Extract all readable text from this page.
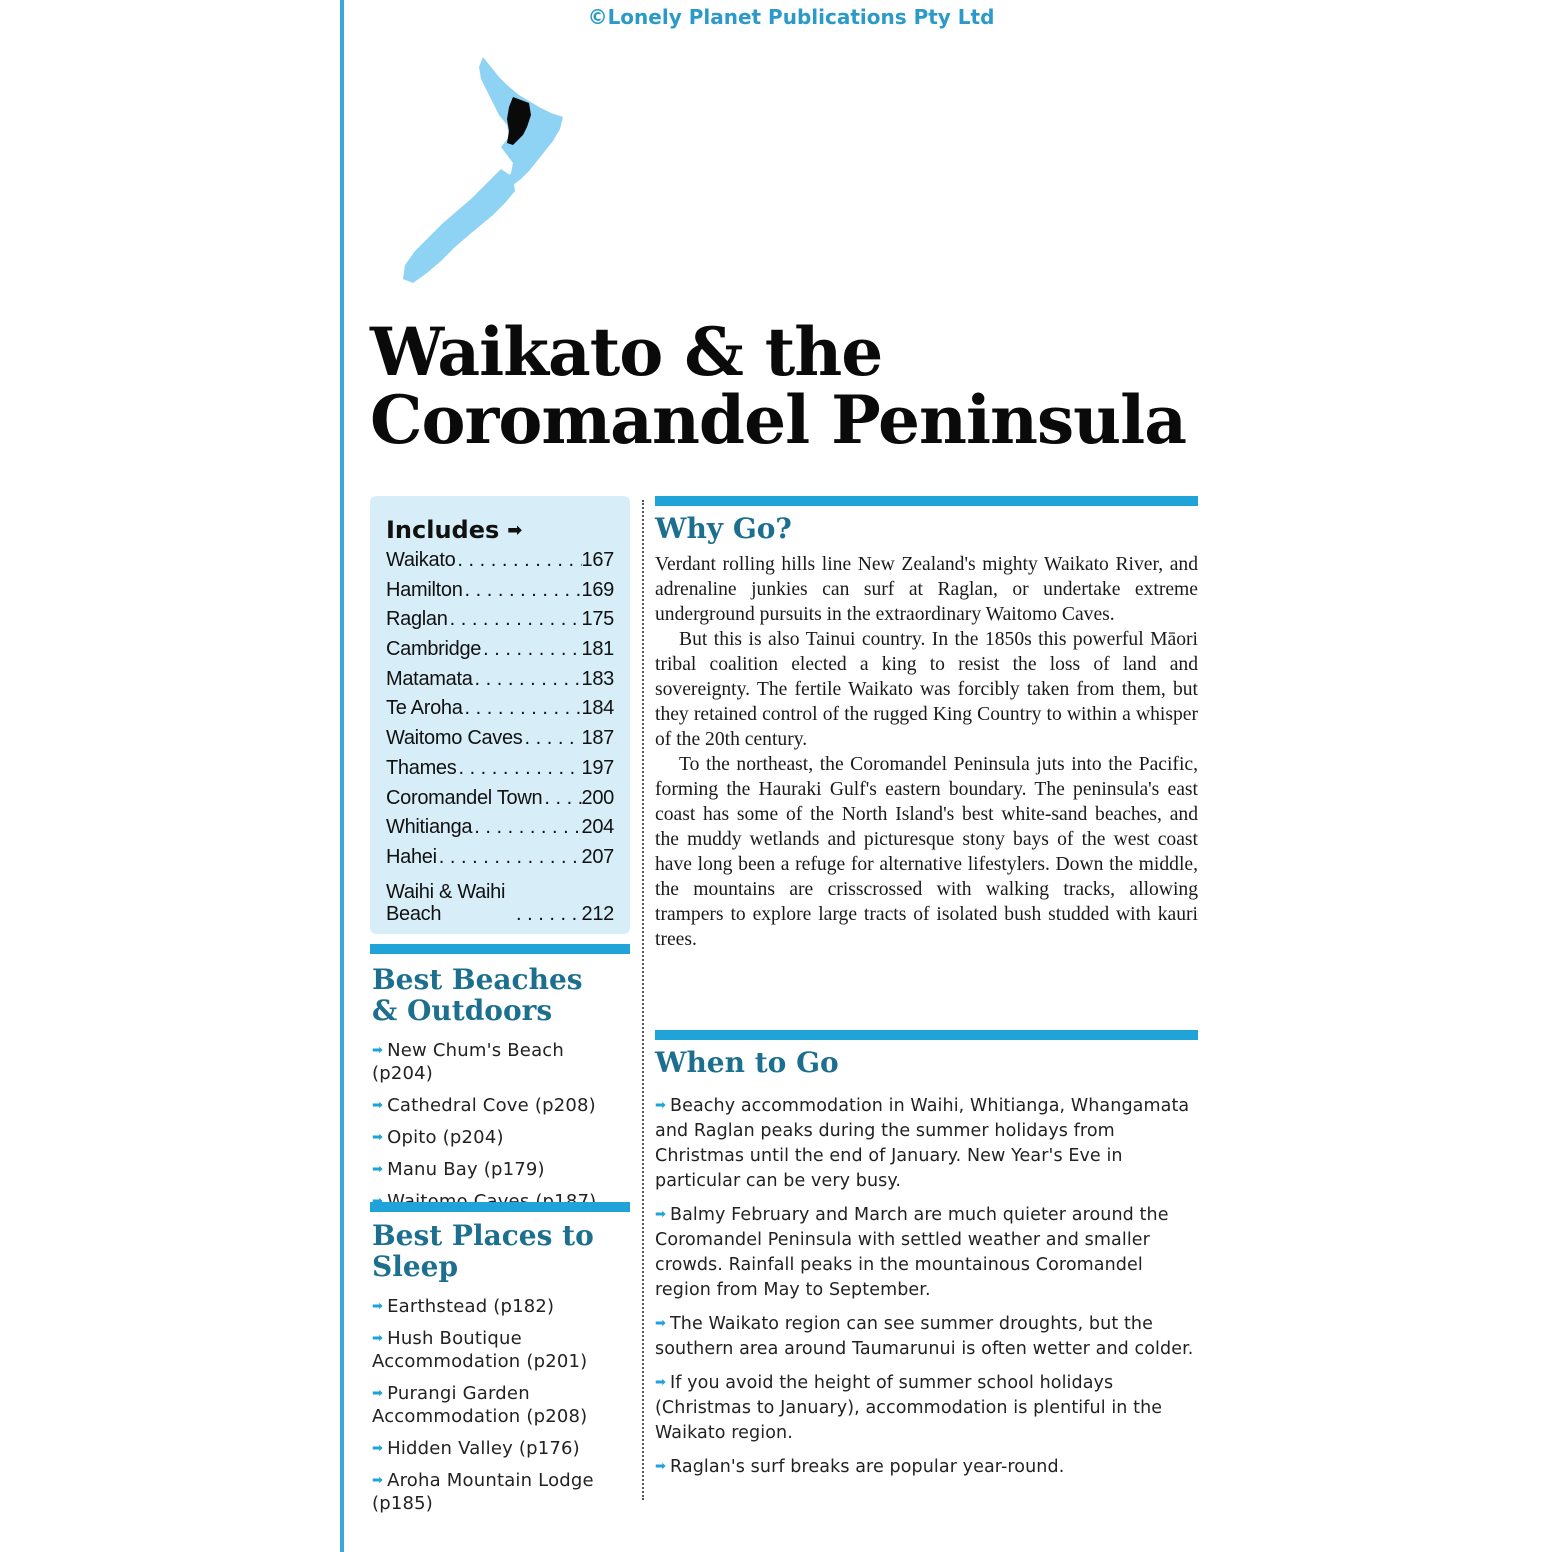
©Lonely Planet Publications Pty Ltd
Waikato & the
Coromandel Peninsula
Includes ➡
Waikato . . .	167
Hamilton . . .	169
Raglan . . .	175
Cambridge . . .	181
Matamata . . .	183
Te Aroha . . .	184
Waitomo Caves . . .	187
Thames . . .	197
Coromandel Town . . . 200
Whitianga . . .	204
Hahei . . .	207
Waihi & Waihi Beach . . .	212
Best Beaches
& Outdoors
➡ New Chum's Beach (p204)
➡ Cathedral Cove (p208)
➡ Opito (p204)
➡ Manu Bay (p179)
Best Places to
Sleep
➡ Earthstead (p182)
➡ Hush Boutique Accommodation (p201)
➡ Purangi Garden Accommodation (p208)
➡ Hidden Valley (p176)
➡ Aroha Mountain Lodge (p185)
Why Go?

Verdant rolling hills line New Zealand's mighty Waikato River, and adrenaline junkies can surf at Raglan, or undertake extreme underground pursuits in the extraordinary Waitomo Caves.

But this is also Tainui country. In the 1850s this powerful Māori tribal coalition elected a king to resist the loss of land and sovereignty. The fertile Waikato was forcibly taken from them, but they retained control of the rugged King Country to within a whisper of the 20th century.

To the northeast, the Coromandel Peninsula juts into the Pacific, forming the Hauraki Gulf's eastern boundary. The peninsula's east coast has some of the North Island's best white-sand beaches, and the muddy wetlands and picturesque stony bays of the west coast have long been a refuge for alternative lifestylers. Down the middle, the mountains are crisscrossed with walking tracks, allowing trampers to explore large tracts of isolated bush studded with kauri trees.

When to Go
➡ Beachy accommodation in Waihi, Whitianga, Whangamata and Raglan peaks during the summer holidays from Christmas until the end of January. New Year's Eve in particular can be very busy.
➡ Balmy February and March are much quieter around the Coromandel Peninsula with settled weather and smaller crowds. Rainfall peaks in the mountainous Coromandel region from May to September.
➡ The Waikato region can see summer droughts, but the southern area around Taumarunui is often wetter and colder.
➡ If you avoid the height of summer school holidays (Christmas to January), accommodation is plentiful in the Waikato region.
➡ Raglan's surf breaks are popular year-round.
